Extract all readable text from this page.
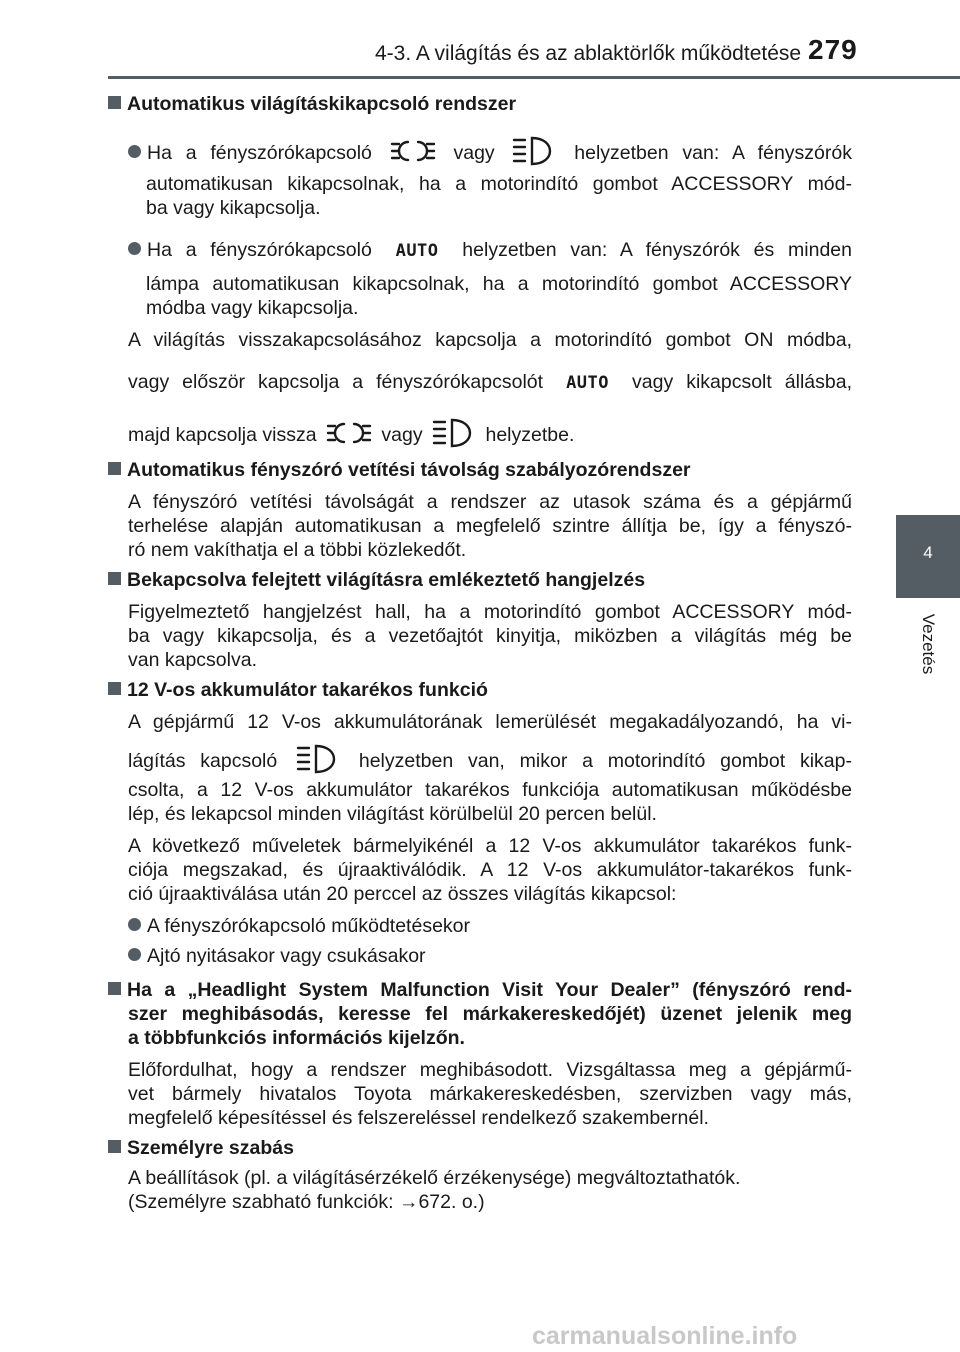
4-3. A világítás és az ablaktörlők működtetése 279
4
Vezetés
Automatikus világításkikapcsoló rendszer
Ha a fényszórókapcsoló	vagy	helyzetben van: A fényszórók
automatikusan kikapcsolnak, ha a motorindító gombot ACCESSORY mód-
ba vagy kikapcsolja.
Ha a fényszórókapcsoló AUTO helyzetben van: A fényszórók és minden
lámpa automatikusan kikapcsolnak, ha a motorindító gombot ACCESSORY
módba vagy kikapcsolja.
A világítás visszakapcsolásához kapcsolja a motorindító gombot ON módba,
vagy először kapcsolja a fényszórókapcsolót AUTO vagy kikapcsolt állásba,
majd kapcsolja vissza	vagy	helyzetbe.
Automatikus fényszóró vetítési távolság szabályozórendszer
A fényszóró vetítési távolságát a rendszer az utasok száma és a gépjármű
terhelése alapján automatikusan a megfelelő szintre állítja be, így a fényszó-
ró nem vakíthatja el a többi közlekedőt.
Bekapcsolva felejtett világításra emlékeztető hangjelzés
Figyelmeztető hangjelzést hall, ha a motorindító gombot ACCESSORY mód-
ba vagy kikapcsolja, és a vezetőajtót kinyitja, miközben a világítás még be
van kapcsolva.
12 V-os akkumulátor takarékos funkció
A gépjármű 12 V-os akkumulátorának lemerülését megakadályozandó, ha vi-
lágítás kapcsoló	helyzetben van, mikor a motorindító gombot kikap-
csolta, a 12 V-os akkumulátor takarékos funkciója automatikusan működésbe
lép, és lekapcsol minden világítást körülbelül 20 percen belül.
A következő műveletek bármelyikénél a 12 V-os akkumulátor takarékos funk-
ciója megszakad, és újraaktiválódik. A 12 V-os akkumulátor-takarékos funk-
ció újraaktiválása után 20 perccel az összes világítás kikapcsol:
A fényszórókapcsoló működtetésekor
Ajtó nyitásakor vagy csukásakor
Ha a „Headlight System Malfunction Visit Your Dealer” (fényszóró rend-
szer meghibásodás, keresse fel márkakereskedőjét) üzenet jelenik meg
a többfunkciós információs kijelzőn.
Előfordulhat, hogy a rendszer meghibásodott. Vizsgáltassa meg a gépjármű-
vet bármely hivatalos Toyota márkakereskedésben, szervizben vagy más,
megfelelő képesítéssel és felszereléssel rendelkező szakembernél.
Személyre szabás
A beállítások (pl. a világításérzékelő érzékenysége) megváltoztathatók.
(Személyre szabható funkciók: →672. o.)
carmanualsonline.info
